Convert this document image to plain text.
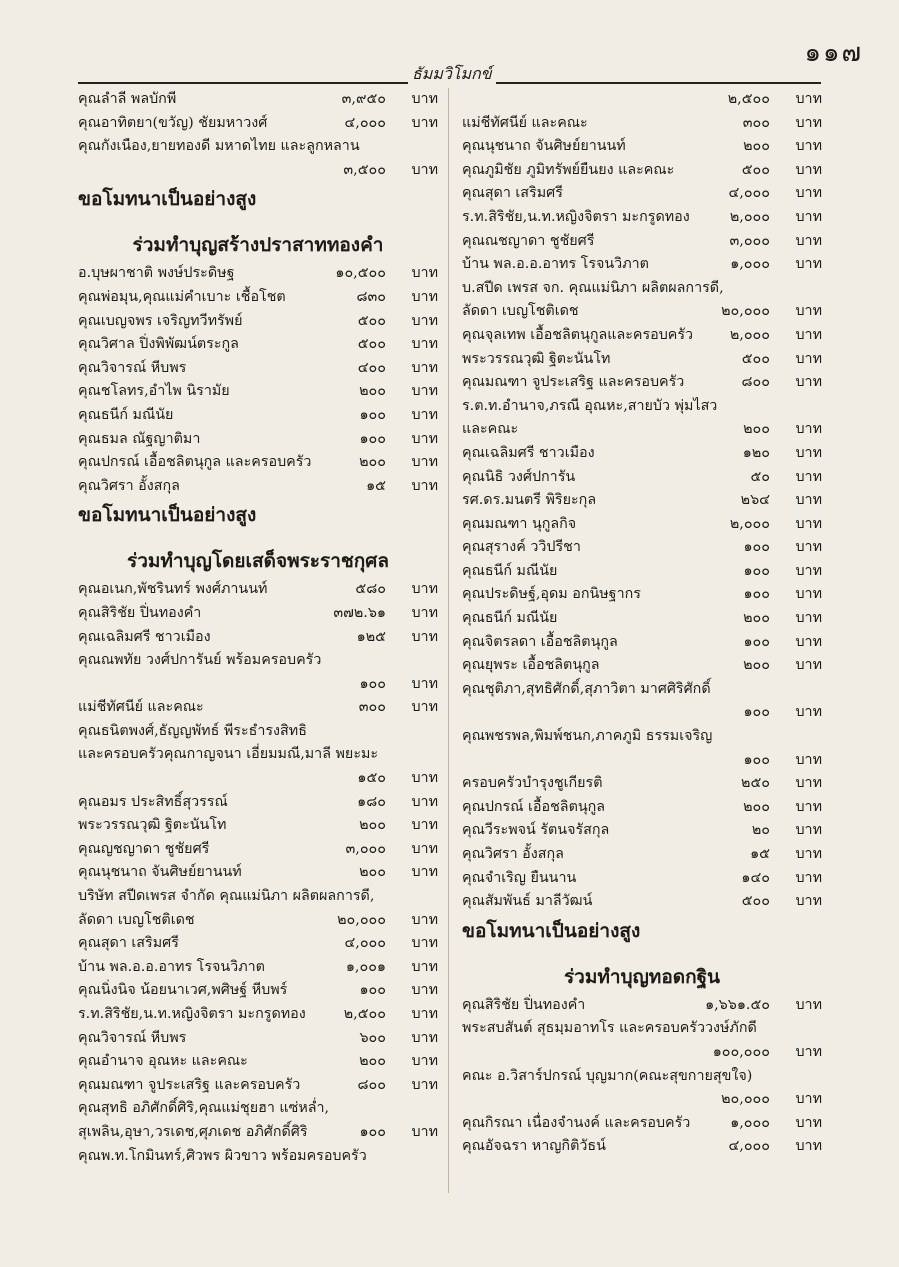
๑๑๗
ธัมมวิโมกข์
คุณลำลี พลบักพี	๓,๙๕๐ บาท
คุณอาทิตยา(ขวัญ) ชัยมหาวงศ์	๔,๐๐๐ บาท
คุณกังเนือง,ยายทองดี มหาดไทย และลูกหลาน
๓,๕๐๐ บาท
ขอโมทนาเป็นอย่างสูง
ร่วมทำบุญสร้างปราสาททองคำ
อ.บุษผาชาติ พงษ์ประดิษฐ	๑๐,๕๐๐ บาท
คุณพ่อมุน,คุณแม่คำเบาะ เชื้อโชต	๘๓๐ บาท
คุณเบญจพร เจริญทวีทรัพย์	๕๐๐ บาท
คุณวิศาล ปิ่งพิพัฒน์ตระกูล	๕๐๐ บาท
คุณวิจารณ์ หีบพร	๔๐๐ บาท
คุณชโลทร,อำไพ นิรามัย	๒๐๐ บาท
คุณธนีก์ มณีนัย	๑๐๐ บาท
คุณธมล ณัฐญาติมา	๑๐๐ บาท
คุณปกรณ์ เอื้อชลิตนุกูล และครอบครัว	๒๐๐ บาท
คุณวิศรา อั้งสกุล	๑๕ บาท
ขอโมทนาเป็นอย่างสูง
ร่วมทำบุญโดยเสด็จพระราชกุศล
คุณอเนก,พัชรินทร์ พงศ์ภานนท์	๕๘๐ บาท
คุณสิริชัย ปิ่นทองคำ	๓๗๒.๖๑ บาท
คุณเฉลิมศรี ชาวเมือง	๑๒๕ บาท
คุณณพทัย วงศ์ปการันย์ พร้อมครอบครัว
๑๐๐ บาท
แม่ชีทัศนีย์ และคณะ	๓๐๐ บาท
คุณธนิตพงศ์,ธัญญพัทธ์ พีระธำรงสิทธิ
และครอบครัวคุณกาญจนา เอี่ยมมณี,มาลี พยะมะ
๑๕๐ บาท
คุณอมร ประสิทธิ์สุวรรณ์	๑๘๐ บาท
พระวรรณวุฒิ ฐิตะนันโท	๒๐๐ บาท
คุณญชญาดา ชูชัยศรี	๓,๐๐๐ บาท
คุณนุชนาถ จันศิษย์ยานนท์	๒๐๐ บาท
บริษัท สปีดเพรส จำกัด คุณแม่นิภา ผลิตผลการดี,
ลัดดา เบญโชติเดช	๒๐,๐๐๐ บาท
คุณสุดา เสริมศรี	๔,๐๐๐ บาท
บ้าน พล.อ.อ.อาทร โรจนวิภาต	๑,๐๐๑ บาท
คุณนิ่งนิจ น้อยนาเวศ,พศิษฐ์ หีบพร์	๑๐๐ บาท
ร.ท.สิริชัย,น.ท.หญิงจิตรา มะกรูดทอง	๒,๕๐๐ บาท
คุณวิจารณ์ หีบพร	๖๐๐ บาท
คุณอำนาจ อุณหะ และคณะ	๒๐๐ บาท
คุณมณฑา จูประเสริฐ และครอบครัว	๘๐๐ บาท
คุณสุทธิ อภิศักดิ์ศิริ,คุณแม่ชุยฮา แซ่หล่ำ,
สุเพลิน,อุษา,วรเดช,ศุภเดช อภิศักดิ์ศิริ	๑๐๐ บาท
คุณพ.ท.โกมินทร์,ศิวพร ผิวขาว พร้อมครอบครัว
๒,๕๐๐ บาท
แม่ชีทัศนีย์ และคณะ	๓๐๐ บาท
คุณนุชนาถ จันศิษย์ยานนท์	๒๐๐ บาท
คุณภูมิชัย ภูมิทรัพย์ยืนยง และคณะ	๕๐๐ บาท
คุณสุดา เสริมศรี	๔,๐๐๐ บาท
ร.ท.สิริชัย,น.ท.หญิงจิตรา มะกรูดทอง	๒,๐๐๐ บาท
คุณณชญาดา ชูชัยศรี	๓,๐๐๐ บาท
บ้าน พล.อ.อ.อาทร โรจนวิภาต	๑,๐๐๐ บาท
บ.สปีด เพรส จก. คุณแม่นิภา ผลิตผลการดี,
ลัดดา เบญโชติเดช	๒๐,๐๐๐ บาท
คุณจุลเทพ เอื้อชลิตนุกูลและครอบครัว	๒,๐๐๐ บาท
พระวรรณวุฒิ ฐิตะนันโท	๕๐๐ บาท
คุณมณฑา จูประเสริฐ และครอบครัว	๘๐๐ บาท
ร.ต.ท.อำนาจ,ภรณี อุณหะ,สายบัว พุ่มไสว
และคณะ	๒๐๐ บาท
คุณเฉลิมศรี ชาวเมือง	๑๒๐ บาท
คุณนิธิ วงศ์ปการัน	๕๐ บาท
รศ.ดร.มนตรี พิริยะกุล	๒๖๔ บาท
คุณมณฑา นุกูลกิจ	๒,๐๐๐ บาท
คุณสุรางค์ ววิปรีชา	๑๐๐ บาท
คุณธนีก์ มณีนัย	๑๐๐ บาท
คุณประดิษฐ์,อุดม อกนิษฐากร	๑๐๐ บาท
คุณธนีก์ มณีนัย	๒๐๐ บาท
คุณจิตรลดา เอื้อชลิตนุกูล	๑๐๐ บาท
คุณยุพระ เอื้อชลิตนุกูล	๒๐๐ บาท
คุณชุติภา,สุทธิศักดิ์,สุภาวิตา มาศศิริศักดิ์
๑๐๐ บาท
คุณพชรพล,พิมพ์ชนก,ภาคภูมิ ธรรมเจริญ
๑๐๐ บาท
ครอบครัวบำรุงชูเกียรติ	๒๕๐ บาท
คุณปกรณ์ เอื้อชลิตนุกูล	๒๐๐ บาท
คุณวีระพจน์ รัตนจรัสกุล	๒๐ บาท
คุณวิศรา อั้งสกุล	๑๕ บาท
คุณจำเริญ ยืนนาน	๑๔๐ บาท
คุณสัมพันธ์ มาลีวัฒน์	๕๐๐ บาท
ขอโมทนาเป็นอย่างสูง
ร่วมทำบุญทอดกฐิน
คุณสิริชัย ปิ่นทองคำ	๑,๖๖๑.๕๐ บาท
พระสบสันต์ สุธมฺมอาทโร และครอบครัววงษ์ภักดี
๑๐๐,๐๐๐ บาท
คณะ อ.วิสาร์ปกรณ์ บุญมาก(คณะสุขกายสุขใจ)
๒๐,๐๐๐ บาท
คุณกิรณา เนื่องจำนงค์ และครอบครัว	๑,๐๐๐ บาท
คุณอัจฉรา หาญกิติวัธน์	๔,๐๐๐ บาท
